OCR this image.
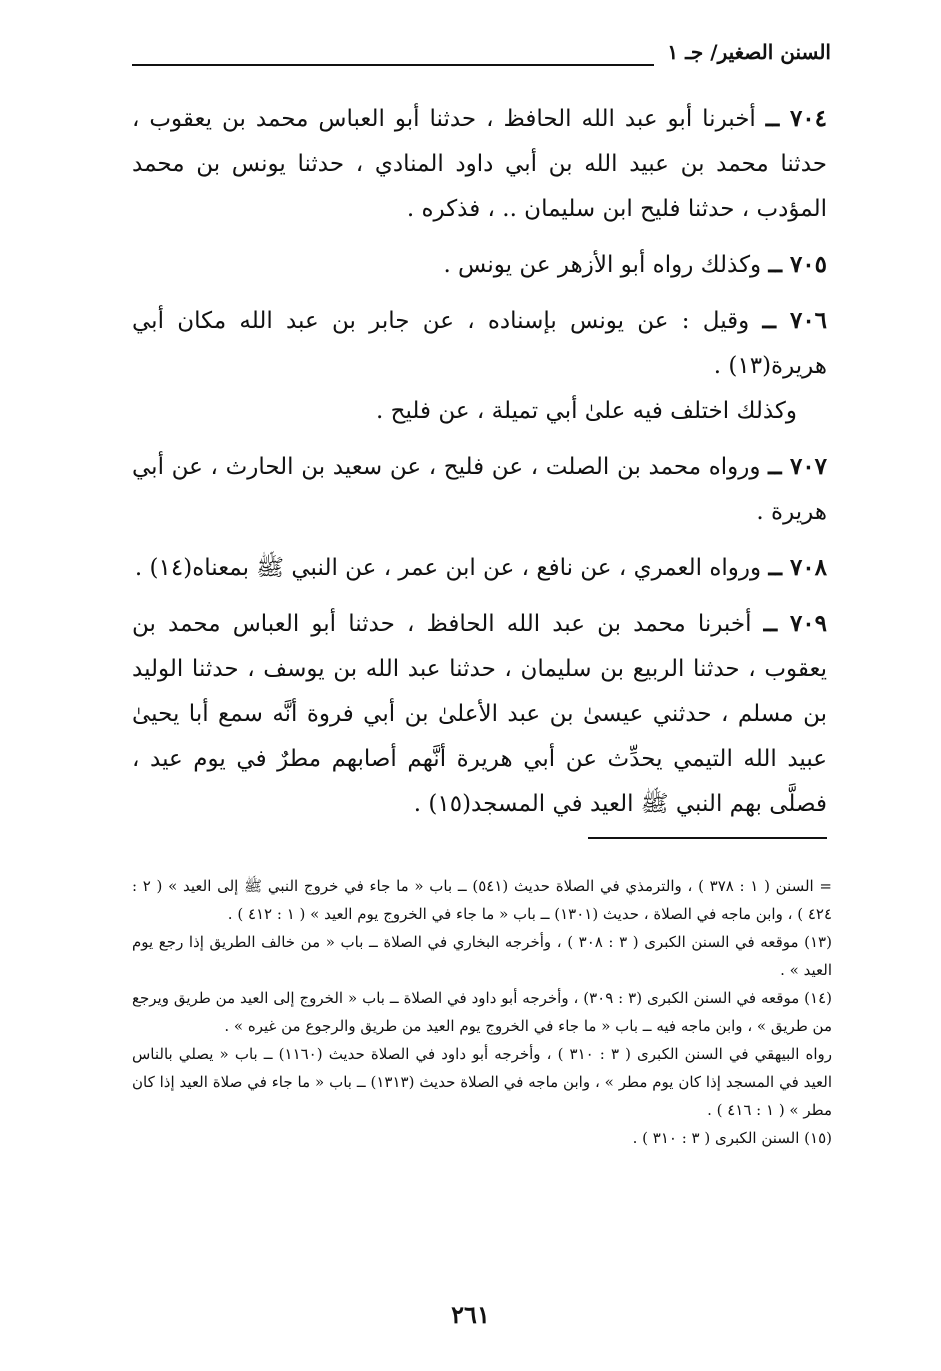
السنن الصغير/ جـ ١

٧٠٤ ــ أخبرنا أبو عبد الله الحافظ ، حدثنا أبو العباس محمد بن يعقوب ، حدثنا محمد بن عبيد الله بن أبي داود المنادي ، حدثنا يونس بن محمد المؤدب ، حدثنا فليح ابن سليمان .. ، فذكره .

٧٠٥ ــ وكذلك رواه أبو الأزهر عن يونس .

٧٠٦ ــ وقيل : عن يونس بإسناده ، عن جابر بن عبد الله مكان أبي هريرة(١٣) .
وكذلك اختلف فيه علىٰ أبي تميلة ، عن فليح .

٧٠٧ ــ ورواه محمد بن الصلت ، عن فليح ، عن سعيد بن الحارث ، عن أبي هريرة .

٧٠٨ ــ ورواه العمري ، عن نافع ، عن ابن عمر ، عن النبي ﷺ بمعناه(١٤) .

٧٠٩ ــ أخبرنا محمد بن عبد الله الحافظ ، حدثنا أبو العباس محمد بن يعقوب ، حدثنا الربيع بن سليمان ، حدثنا عبد الله بن يوسف ، حدثنا الوليد بن مسلم ، حدثني عيسىٰ بن عبد الأعلىٰ بن أبي فروة أنَّه سمع أبا يحيىٰ عبيد الله التيمي يحدِّث عن أبي هريرة أنَّهم أصابهم مطرٌ في يوم عيد ، فصلَّى بهم النبي ﷺ العيد في المسجد(١٥) .

= السنن ( ١ : ٣٧٨ ) ، والترمذي في الصلاة حديث (٥٤١) ــ باب « ما جاء في خروج النبي ﷺ إلى العيد » ( ٢ : ٤٢٤ ) ، وابن ماجه في الصلاة ، حديث (١٣٠١) ــ باب « ما جاء في الخروج يوم العيد » ( ١ : ٤١٢ ) .

(١٣) موقعه في السنن الكبرى ( ٣ : ٣٠٨ ) ، وأخرجه البخاري في الصلاة ــ باب « من خالف الطريق إذا رجع يوم العيد » .

(١٤) موقعه في السنن الكبرى (٣ : ٣٠٩) ، وأخرجه أبو داود في الصلاة ــ باب « الخروج إلى العيد من طريق ويرجع من طريق » ، وابن ماجه فيه ــ باب « ما جاء في الخروج يوم العيد من طريق والرجوع من غيره » .

رواه البيهقي في السنن الكبرى ( ٣ : ٣١٠ ) ، وأخرجه أبو داود في الصلاة حديث (١١٦٠) ــ باب « يصلي بالناس العيد في المسجد إذا كان يوم مطر » ، وابن ماجه في الصلاة حديث (١٣١٣) ــ باب « ما جاء في صلاة العيد إذا كان مطر » ( ١ : ٤١٦ ) .

(١٥) السنن الكبرى ( ٣ : ٣١٠ ) .

٢٦١
